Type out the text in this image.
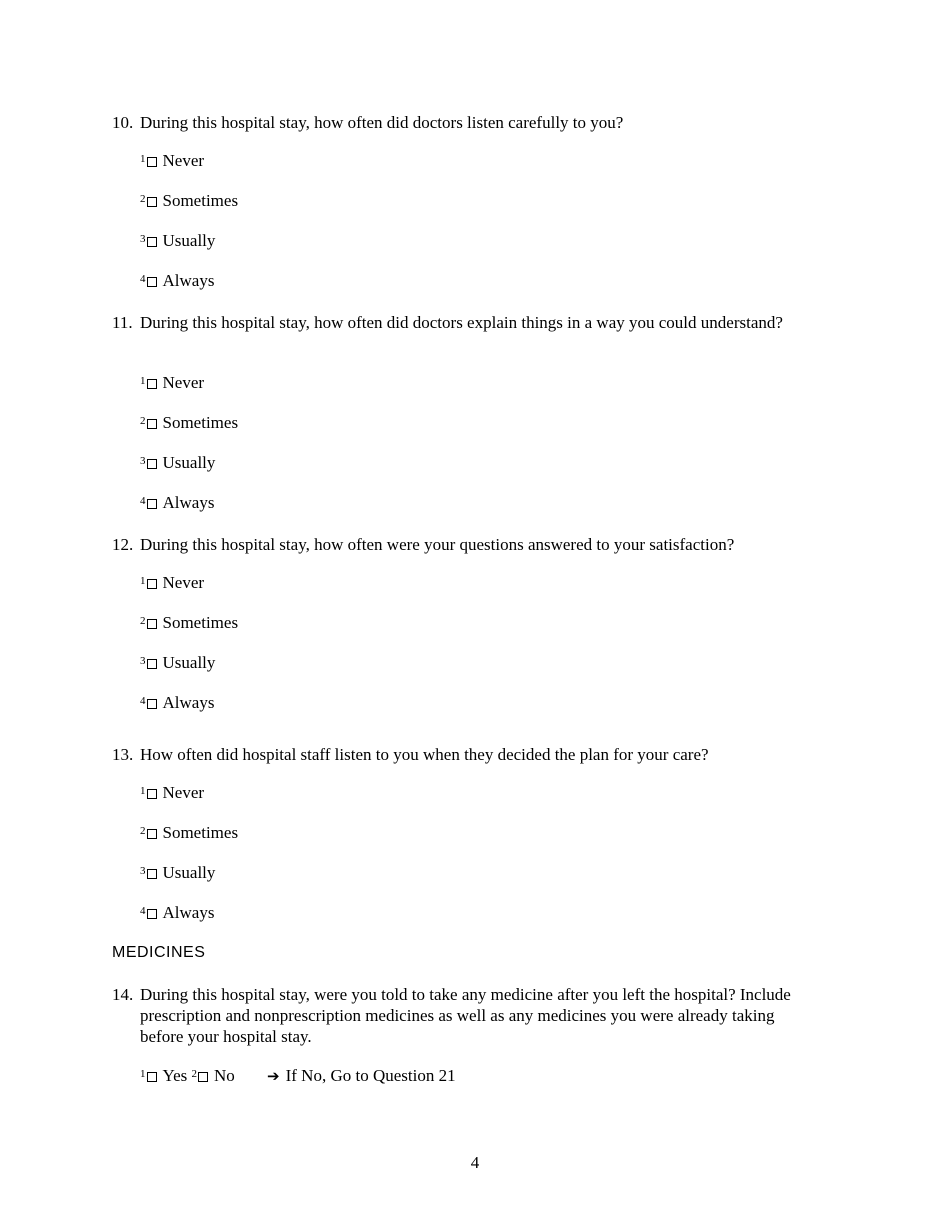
10. During this hospital stay, how often did doctors listen carefully to you?
$^1$ Never
$^2$ Sometimes
$^3$ Usually
$^4$ Always
11. During this hospital stay, how often did doctors explain things in a way you could understand?
$^1$ Never
$^2$ Sometimes
$^3$ Usually
$^4$ Always
12. During this hospital stay, how often were your questions answered to your satisfaction?
$^1$ Never
$^2$ Sometimes
$^3$ Usually
$^4$ Always
13. How often did hospital staff listen to you when they decided the plan for your care?
$^1$ Never
$^2$ Sometimes
$^3$ Usually
$^4$ Always
MEDICINES
14. During this hospital stay, were you told to take any medicine after you left the hospital? Include prescription and nonprescription medicines as well as any medicines you were already taking before your hospital stay.
$^1$ Yes $^2$ No ➔ If No, Go to Question 21
4
